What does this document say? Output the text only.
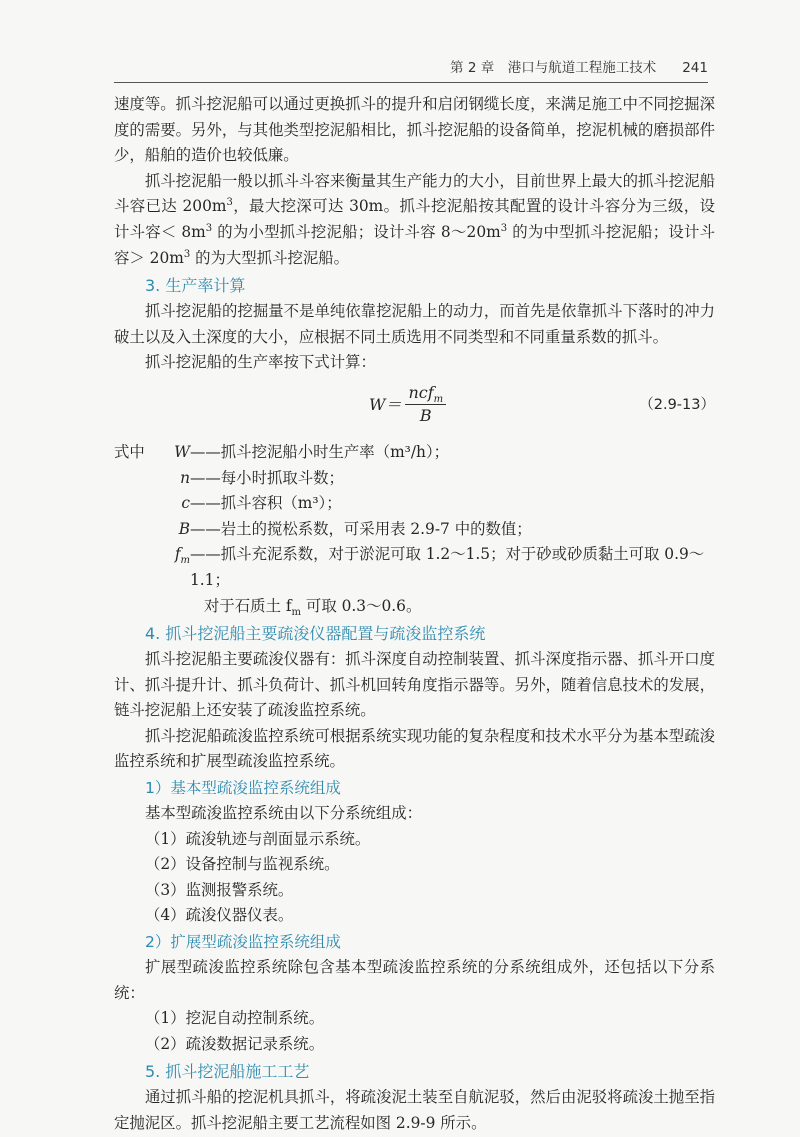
第 2 章　港口与航道工程施工技术 241

速度等。抓斗挖泥船可以通过更换抓斗的提升和启闭钢缆长度，来满足施工中不同挖掘深度的需要。另外，与其他类型挖泥船相比，抓斗挖泥船的设备简单，挖泥机械的磨损部件少，船舶的造价也较低廉。

抓斗挖泥船一般以抓斗斗容来衡量其生产能力的大小，目前世界上最大的抓斗挖泥船斗容已达 $200m^3$，最大挖深可达 30m。抓斗挖泥船按其配置的设计斗容分为三级，设计斗容＜ $8m^3$ 的为小型抓斗挖泥船；设计斗容 $8\sim 20m^3$ 的为中型抓斗挖泥船；设计斗容＞ $20m^3$ 的为大型抓斗挖泥船。

3. 生产率计算

抓斗挖泥船的挖掘量不是单纯依靠挖泥船上的动力，而首先是依靠抓斗下落时的冲力破土以及入土深度的大小，应根据不同土质选用不同类型和不同重量系数的抓斗。

抓斗挖泥船的生产率按下式计算：

$W= \frac{ncf_m}{B}$	（2.9-13）
式中	W ——抓斗挖泥船小时生产率（m³/h）；
n ——每小时抓取斗数；
c ——抓斗容积（m³）；
B ——岩土的搅松系数，可采用表 2.9-7 中的数值；
$f_m$ ——抓斗充泥系数，对于淤泥可取 1.2～1.5；对于砂或砂质黏土可取 0.9～1.1；
对于石质土 $f_m$ 可取 0.3～0.6。
4. 抓斗挖泥船主要疏浚仪器配置与疏浚监控系统

抓斗挖泥船主要疏浚仪器有：抓斗深度自动控制装置、抓斗深度指示器、抓斗开口度计、抓斗提升计、抓斗负荷计、抓斗机回转角度指示器等。另外，随着信息技术的发展，链斗挖泥船上还安装了疏浚监控系统。

抓斗挖泥船疏浚监控系统可根据系统实现功能的复杂程度和技术水平分为基本型疏浚监控系统和扩展型疏浚监控系统。

1）基本型疏浚监控系统组成

基本型疏浚监控系统由以下分系统组成：

（1）疏浚轨迹与剖面显示系统。
（2）设备控制与监视系统。
（3）监测报警系统。
（4）疏浚仪器仪表。
2）扩展型疏浚监控系统组成

扩展型疏浚监控系统除包含基本型疏浚监控系统的分系统组成外，还包括以下分系统：

（1）挖泥自动控制系统。
（2）疏浚数据记录系统。
5. 抓斗挖泥船施工工艺

通过抓斗船的挖泥机具抓斗，将疏浚泥土装至自航泥驳，然后由泥驳将疏浚土抛至指定抛泥区。抓斗挖泥船主要工艺流程如图 2.9-9 所示。
